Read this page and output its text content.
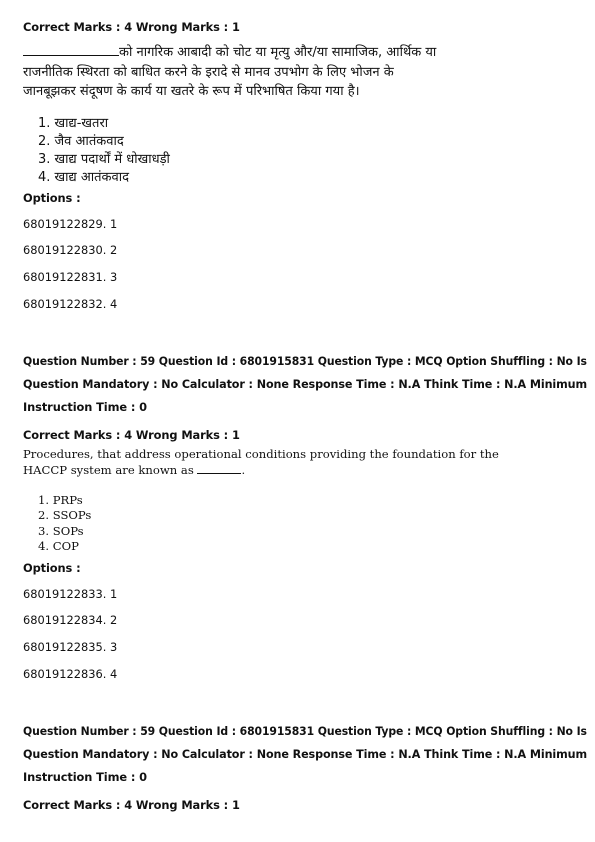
Correct Marks : 4 Wrong Marks : 1
को नागरिक आबादी को चोट या मृत्यु और/या सामाजिक, आर्थिक या
राजनीतिक स्थिरता को बाधित करने के इरादे से मानव उपभोग के लिए भोजन के
जानबूझकर संदूषण के कार्य या खतरे के रूप में परिभाषित किया गया है।
1. खाद्य-खतरा
2. जैव आतंकवाद
3. खाद्य पदार्थों में धोखाधड़ी
4. खाद्य आतंकवाद
Options :
68019122829. 1
68019122830. 2
68019122831. 3
68019122832. 4
Question Number : 59 Question Id : 6801915831 Question Type : MCQ Option Shuffling : No Is
Question Mandatory : No Calculator : None Response Time : N.A Think Time : N.A Minimum
Instruction Time : 0
Correct Marks : 4 Wrong Marks : 1
Procedures, that address operational conditions providing the foundation for the
HACCP system are known as	.
1. PRPs
2. SSOPs
3. SOPs
4. COP
Options :
68019122833. 1
68019122834. 2
68019122835. 3
68019122836. 4
Question Number : 59 Question Id : 6801915831 Question Type : MCQ Option Shuffling : No Is
Question Mandatory : No Calculator : None Response Time : N.A Think Time : N.A Minimum
Instruction Time : 0
Correct Marks : 4 Wrong Marks : 1
